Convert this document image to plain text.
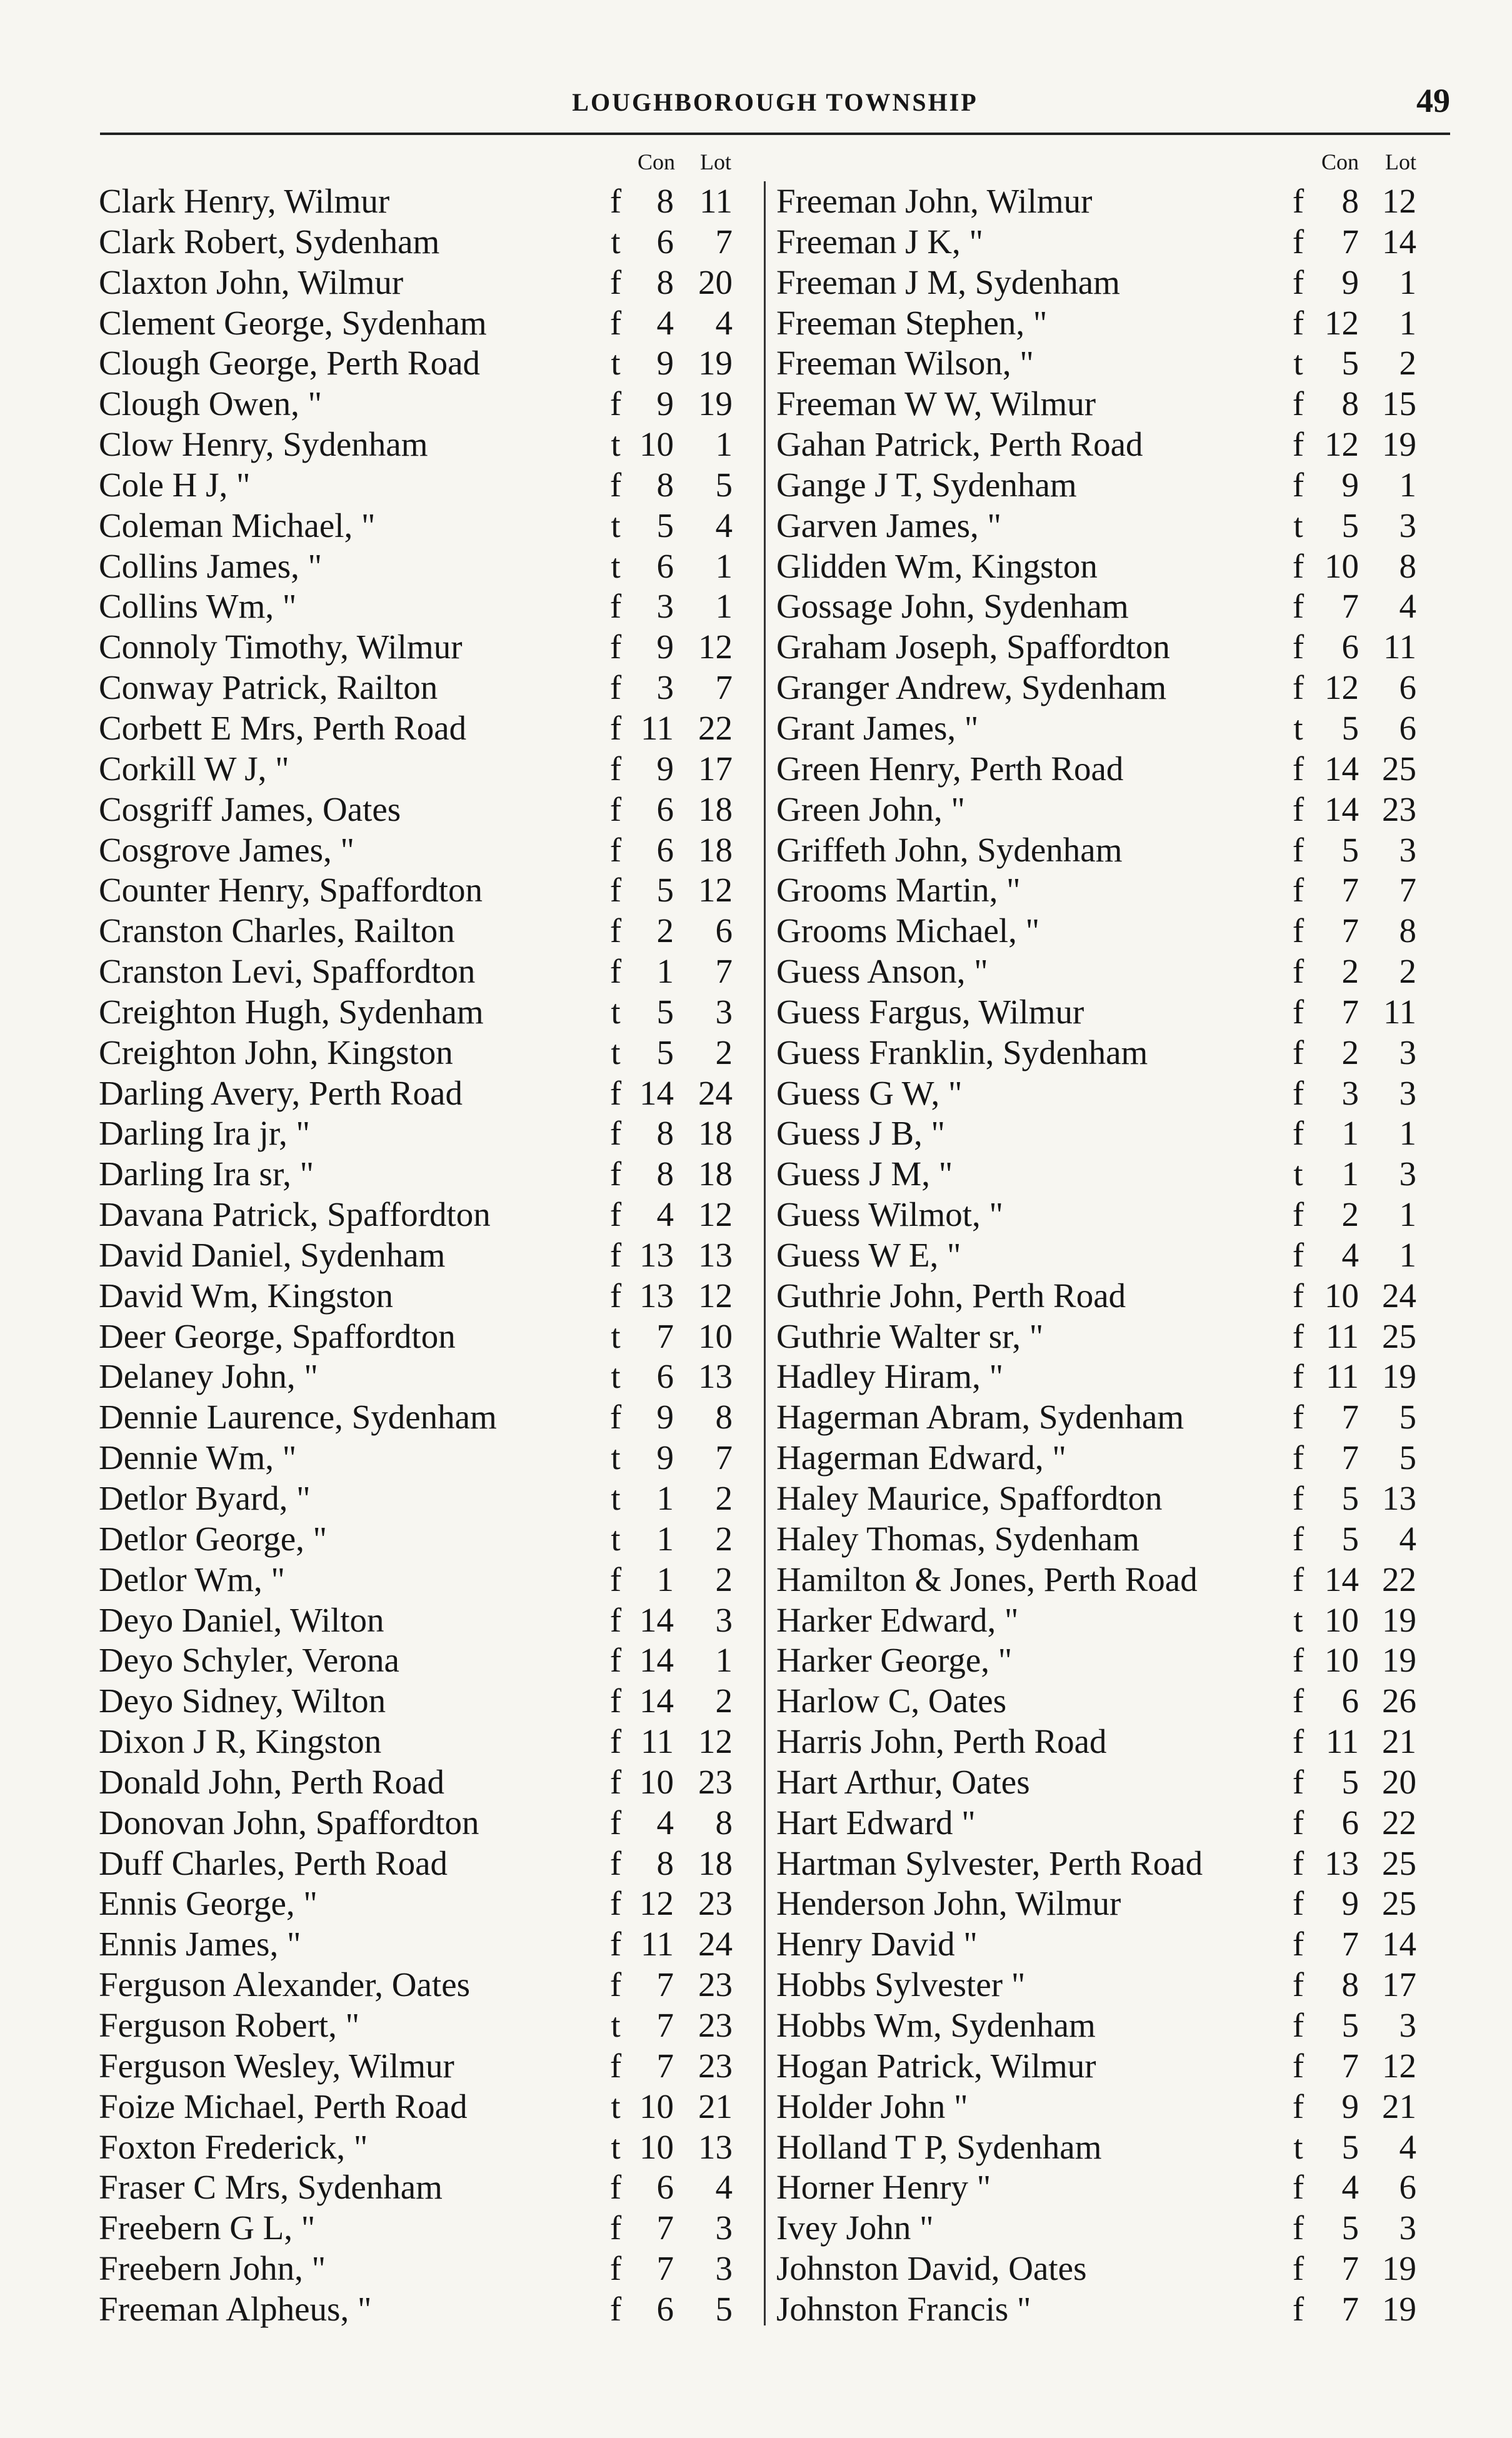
LOUGHBOROUGH TOWNSHIP	49
Con Lot
Clark Henry, Wilmur	f	8 11
Clark Robert, Sydenham	t	6	7
Claxton John, Wilmur	f	8 20
Clement George, Sydenham	f	4	4
Clough George, Perth Road	t	9 19
Clough Owen, "	f	9 19
Clow Henry, Sydenham	t 10	1
Cole H J, "	f	8	5
Coleman Michael, "	t	5	4
Collins James, "	t	6	1
Collins Wm, "	f	3	1
Connoly Timothy, Wilmur	f	9 12
Conway Patrick, Railton	f	3	7
Corbett E Mrs, Perth Road	f 11 22
Corkill W J, "	f	9 17
Cosgriff James, Oates	f	6 18
Cosgrove James, "	f	6 18
Counter Henry, Spaffordton	f	5 12
Cranston Charles, Railton	f	2	6
Cranston Levi, Spaffordton	f	1	7
Creighton Hugh, Sydenham	t	5	3
Creighton John, Kingston	t	5	2
Darling Avery, Perth Road	f 14 24
Darling Ira jr, "	f	8 18
Darling Ira sr, "	f	8 18
Davana Patrick, Spaffordton	f	4 12
David Daniel, Sydenham	f 13 13
David Wm, Kingston	f 13 12
Deer George, Spaffordton	t	7 10
Delaney John, "	t	6 13
Dennie Laurence, Sydenham	f	9	8
Dennie Wm, "	t	9	7
Detlor Byard, "	t	1	2
Detlor George, "	t	1	2
Detlor Wm, "	f	1	2
Deyo Daniel, Wilton	f 14	3
Deyo Schyler, Verona	f 14	1
Deyo Sidney, Wilton	f 14	2
Dixon J R, Kingston	f 11 12
Donald John, Perth Road	f 10 23
Donovan John, Spaffordton	f	4	8
Duff Charles, Perth Road	f	8 18
Ennis George, "	f 12 23
Ennis James, "	f 11 24
Ferguson Alexander, Oates	f	7 23
Ferguson Robert, "	t	7 23
Ferguson Wesley, Wilmur	f	7 23
Foize Michael, Perth Road	t 10 21
Foxton Frederick, "	t 10 13
Fraser C Mrs, Sydenham	f	6	4
Freebern G L, "	f	7	3
Freebern John, "	f	7	3
Freeman Alpheus, "	f	6	5
Con Lot
Freeman John, Wilmur	f	8 12
Freeman J K, "	f	7 14
Freeman J M, Sydenham	f	9	1
Freeman Stephen, "	f 12	1
Freeman Wilson, "	t	5	2
Freeman W W, Wilmur	f	8 15
Gahan Patrick, Perth Road	f 12 19
Gange J T, Sydenham	f	9	1
Garven James, "	t	5	3
Glidden Wm, Kingston	f 10	8
Gossage John, Sydenham	f	7	4
Graham Joseph, Spaffordton	f	6 11
Granger Andrew, Sydenham	f 12	6
Grant James, "	t	5	6
Green Henry, Perth Road	f 14 25
Green John, "	f 14 23
Griffeth John, Sydenham	f	5	3
Grooms Martin, "	f	7	7
Grooms Michael, "	f	7	8
Guess Anson, "	f	2	2
Guess Fargus, Wilmur	f	7 11
Guess Franklin, Sydenham	f	2	3
Guess G W, "	f	3	3
Guess J B, "	f	1	1
Guess J M, "	t	1	3
Guess Wilmot, "	f	2	1
Guess W E, "	f	4	1
Guthrie John, Perth Road	f 10 24
Guthrie Walter sr, "	f 11 25
Hadley Hiram, "	f 11 19
Hagerman Abram, Sydenham	f	7	5
Hagerman Edward, "	f	7	5
Haley Maurice, Spaffordton	f	5 13
Haley Thomas, Sydenham	f	5	4
Hamilton & Jones, Perth Road	f 14 22
Harker Edward, "	t 10 19
Harker George, "	f 10 19
Harlow C, Oates	f	6 26
Harris John, Perth Road	f 11 21
Hart Arthur, Oates	f	5 20
Hart Edward "	f	6 22
Hartman Sylvester, Perth Road	f 13 25
Henderson John, Wilmur	f	9 25
Henry David "	f	7 14
Hobbs Sylvester "	f	8 17
Hobbs Wm, Sydenham	f	5	3
Hogan Patrick, Wilmur	f	7 12
Holder John "	f	9 21
Holland T P, Sydenham	t	5	4
Horner Henry "	f	4	6
Ivey John "	f	5	3
Johnston David, Oates	f	7 19
Johnston Francis "	f	7 19
